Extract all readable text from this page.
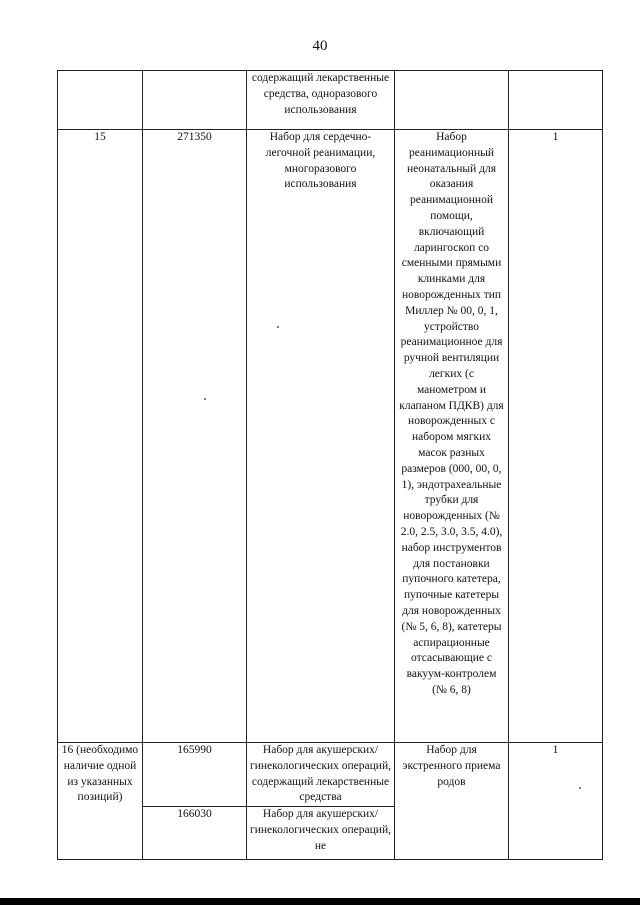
40
		содержащий лекарственные средства, одноразового использования		
15	271350	Набор для сердечно-легочной реанимации, многоразового использования	Набор реанимационный неонатальный для оказания реанимационной помощи, включающий ларингоскоп со сменными прямыми клинками для новорожденных тип Миллер № 00, 0, 1, устройство реанимационное для ручной вентиляции легких (с манометром и клапаном ПДКВ) для новорожденных с набором мягких масок разных размеров (000, 00, 0, 1), эндотрахеальные трубки для новорожденных (№ 2.0, 2.5, 3.0, 3.5, 4.0), набор инструментов для постановки пупочного катетера, пупочные катетеры для новорожденных (№ 5, 6, 8), катетеры аспирационные отсасывающие с вакуум-контролем (№ 6, 8)	1
16 (необходимо наличие одной из указанных позиций)	165990	Набор для акушерских/ гинекологических операций, содержащий лекарственные средства	Набор для экстренного приема родов	1
	166030	Набор для акушерских/ гинекологических операций, не		
